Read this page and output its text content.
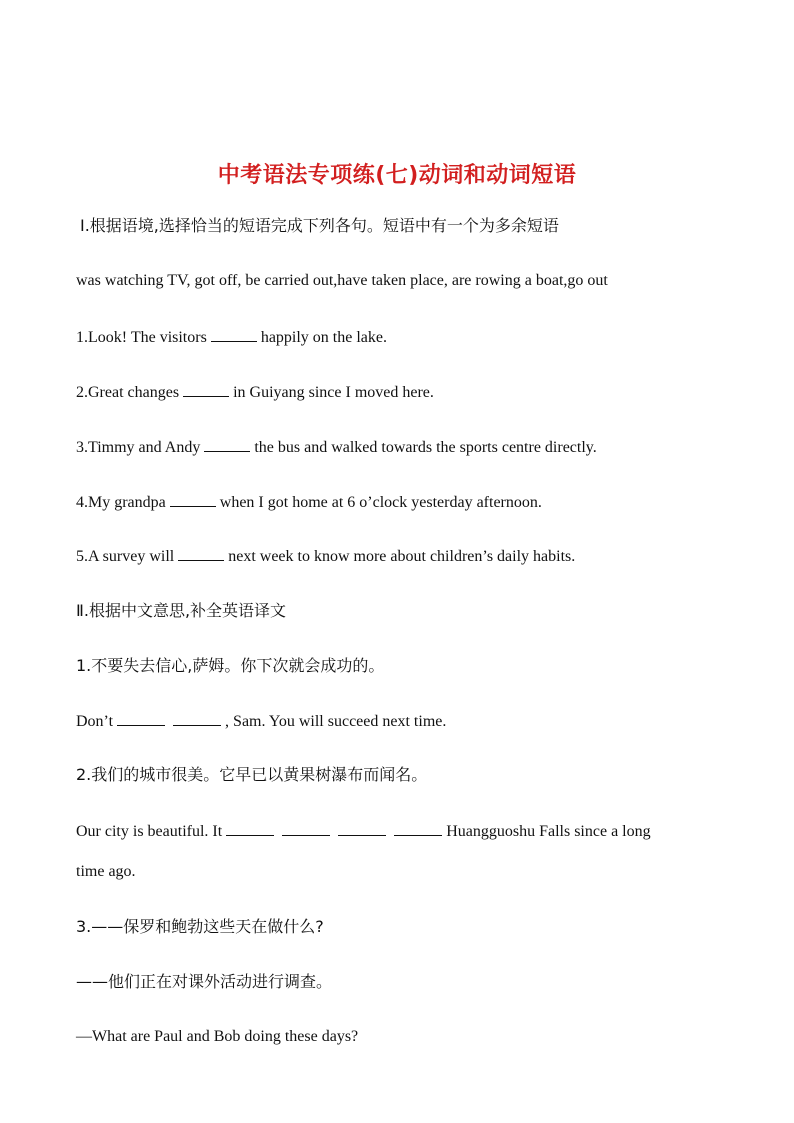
中考语法专项练(七)动词和动词短语
Ⅰ.根据语境,选择恰当的短语完成下列各句。短语中有一个为多余短语
was watching TV, got off, be carried out,have taken place, are rowing a boat,go out
1.Look! The visitors	happily on the lake.
2.Great changes	in Guiyang since I moved here.
3.Timmy and Andy	the bus and walked towards the sports centre directly.
4.My grandpa	when I got home at 6 o’clock yesterday afternoon.
5.A survey will	next week to know more about children’s daily habits.
Ⅱ.根据中文意思,补全英语译文
1.不要失去信心,萨姆。你下次就会成功的。
Don’t	, Sam. You will succeed next time.
2.我们的城市很美。它早已以黄果树瀑布而闻名。
Our city is beautiful. It	Huangguoshu Falls since a long
time ago.
3.——保罗和鲍勃这些天在做什么?
——他们正在对课外活动进行调查。
—What are Paul and Bob doing these days?
